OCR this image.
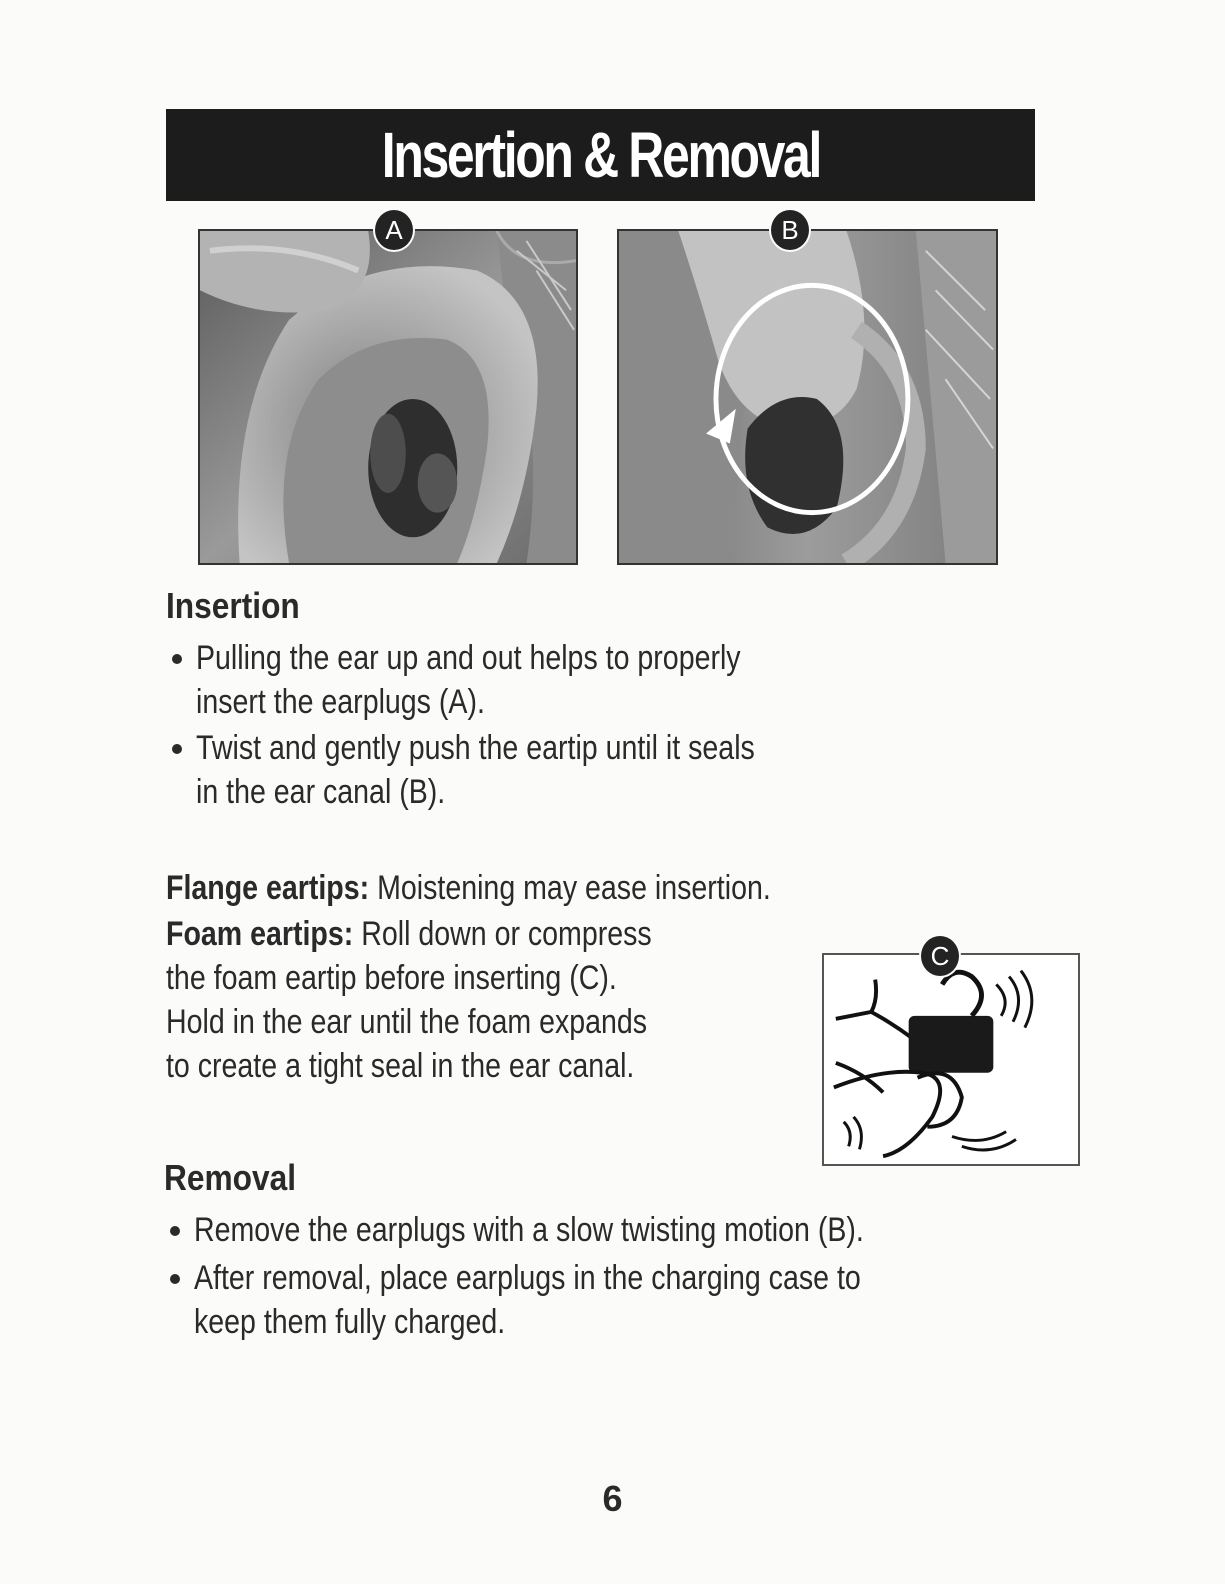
Insertion & Removal
A	B
Insertion
Pulling the ear up and out helps to properly
insert the earplugs (A).
Twist and gently push the eartip until it seals
in the ear canal (B).
Flange eartips: Moistening may ease insertion.
Foam eartips: Roll down or compress
the foam eartip before inserting (C).
Hold in the ear until the foam expands
to create a tight seal in the ear canal.
C
Removal
Remove the earplugs with a slow twisting motion (B).
After removal, place earplugs in the charging case to
keep them fully charged.
6
